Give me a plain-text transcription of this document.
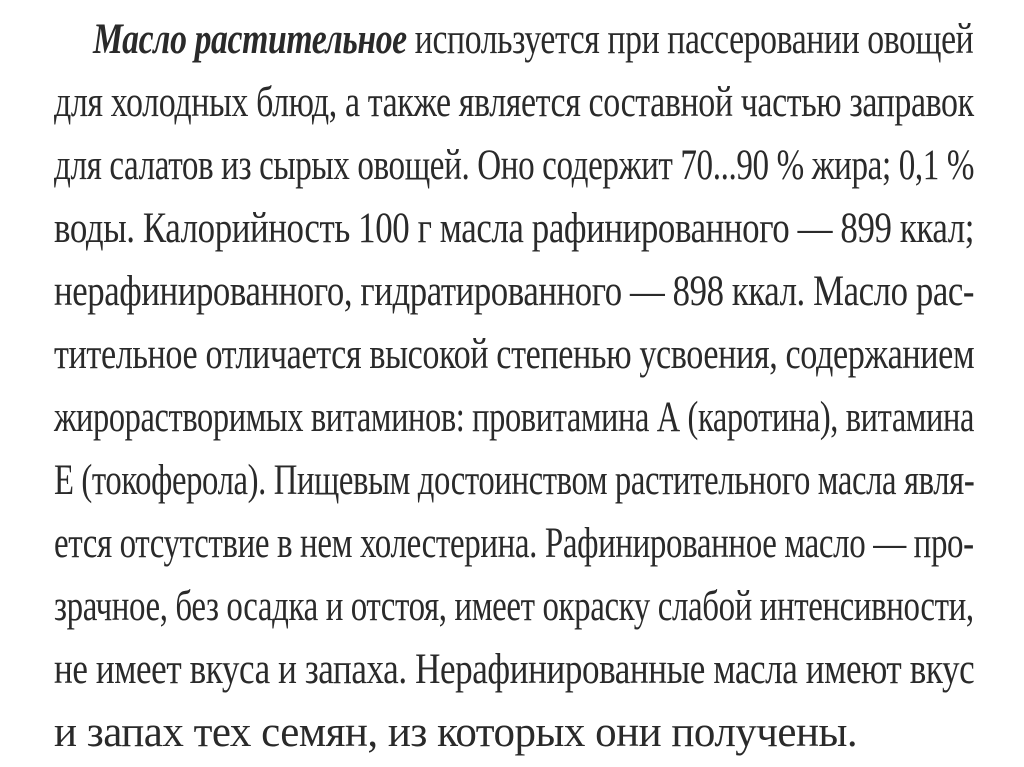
Масло растительное используется при пассеровании овощей
для холодных блюд, а также является составной частью заправок
для салатов из сырых овощей. Оно содержит 70...90 % жира; 0,1 %
воды. Калорийность 100 г масла рафинированного — 899 ккал;
нерафинированного, гидратированного — 898 ккал. Масло рас-
тительное отличается высокой степенью усвоения, содержанием
жирорастворимых витаминов: провитамина А (каротина), витамина
Е (токоферола). Пищевым достоинством растительного масла явля-
ется отсутствие в нем холестерина. Рафинированное масло — про-
зрачное, без осадка и отстоя, имеет окраску слабой интенсивности,
не имеет вкуса и запаха. Нерафинированные масла имеют вкус
и запах тех семян, из которых они получены.
